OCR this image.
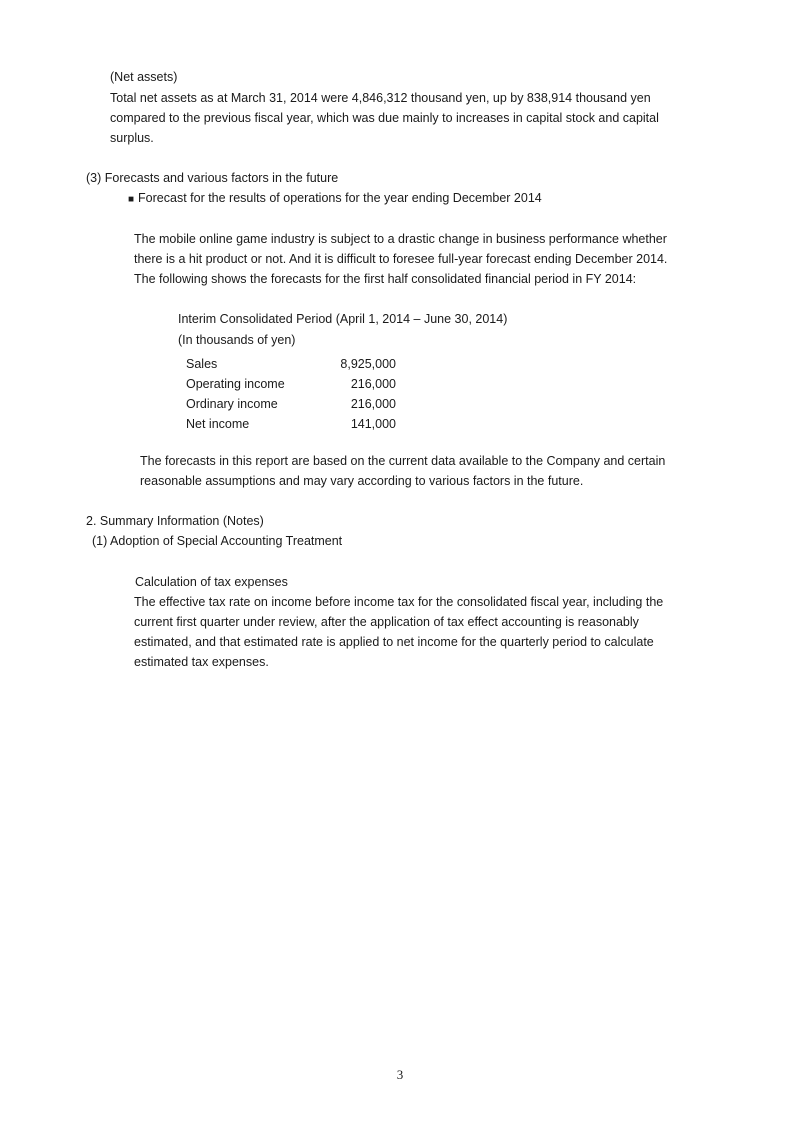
(Net assets)
Total net assets as at March 31, 2014 were 4,846,312 thousand yen, up by 838,914 thousand yen
compared to the previous fiscal year, which was due mainly to increases in capital stock and capital
surplus.
(3) Forecasts and various factors in the future
■ Forecast for the results of operations for the year ending December 2014
The mobile online game industry is subject to a drastic change in business performance whether
there is a hit product or not. And it is difficult to foresee full-year forecast ending December 2014.
The following shows the forecasts for the first half consolidated financial period in FY 2014:
Interim Consolidated Period (April 1, 2014 – June 30, 2014)
(In thousands of yen)
Sales	8,925,000
Operating income	216,000
Ordinary income	216,000
Net income	141,000
The forecasts in this report are based on the current data available to the Company and certain
reasonable assumptions and may vary according to various factors in the future.
2. Summary Information (Notes)
(1) Adoption of Special Accounting Treatment
Calculation of tax expenses
The effective tax rate on income before income tax for the consolidated fiscal year, including the
current first quarter under review, after the application of tax effect accounting is reasonably
estimated, and that estimated rate is applied to net income for the quarterly period to calculate
estimated tax expenses.
3
